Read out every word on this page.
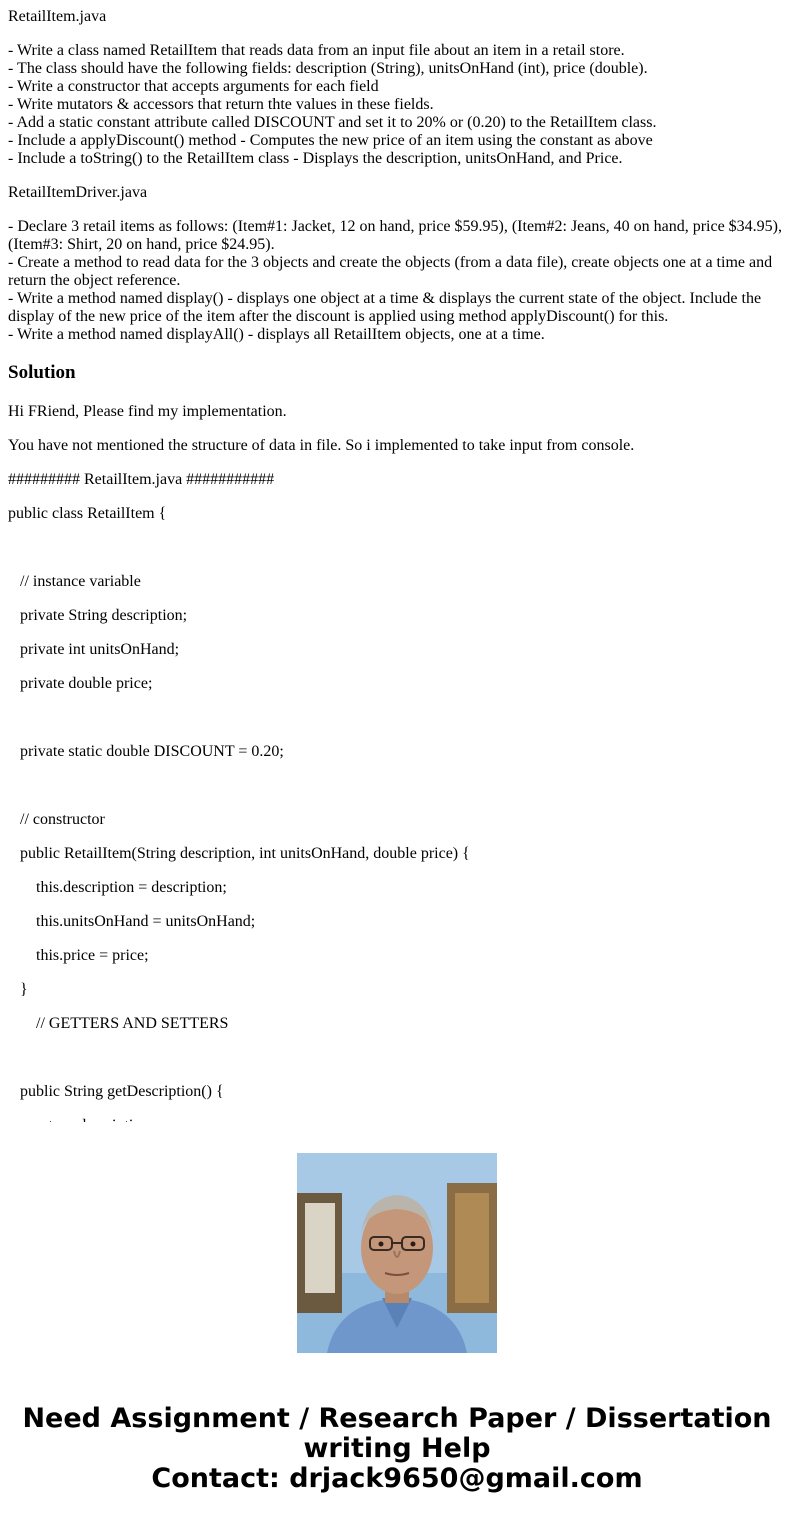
RetailItem.java
- Write a class named RetailItem that reads data from an input file about an item in a retail store.
- The class should have the following fields: description (String), unitsOnHand (int), price (double).
- Write a constructor that accepts arguments for each field
- Write mutators & accessors that return thte values in these fields.
- Add a static constant attribute called DISCOUNT and set it to 20% or (0.20) to the RetailItem class.
- Include a applyDiscount() method - Computes the new price of an item using the constant as above
- Include a toString() to the RetailItem class - Displays the description, unitsOnHand, and Price.
RetailItemDriver.java
- Declare 3 retail items as follows: (Item#1: Jacket, 12 on hand, price $59.95), (Item#2: Jeans, 40 on hand, price $34.95), (Item#3: Shirt, 20 on hand, price $24.95).
- Create a method to read data for the 3 objects and create the objects (from a data file), create objects one at a time and return the object reference.
- Write a method named display() - displays one object at a time & displays the current state of the object. Include the display of the new price of the item after the discount is applied using method applyDiscount() for this.
- Write a method named displayAll() - displays all RetailItem objects, one at a time.
Solution
Hi FRiend, Please find my implementation.
You have not mentioned the structure of data in file. So i implemented to take input from console.
######### RetailItem.java ###########
public class RetailItem {
// instance variable
private String description;
private int unitsOnHand;
private double price;
private static double DISCOUNT = 0.20;
// constructor
public RetailItem(String description, int unitsOnHand, double price) {
this.description = description;
this.unitsOnHand = unitsOnHand;
this.price = price;
}
// GETTERS AND SETTERS
public String getDescription() {
Need Assignment / Research Paper / Dissertation
writing Help
Contact: drjack9650@gmail.com
